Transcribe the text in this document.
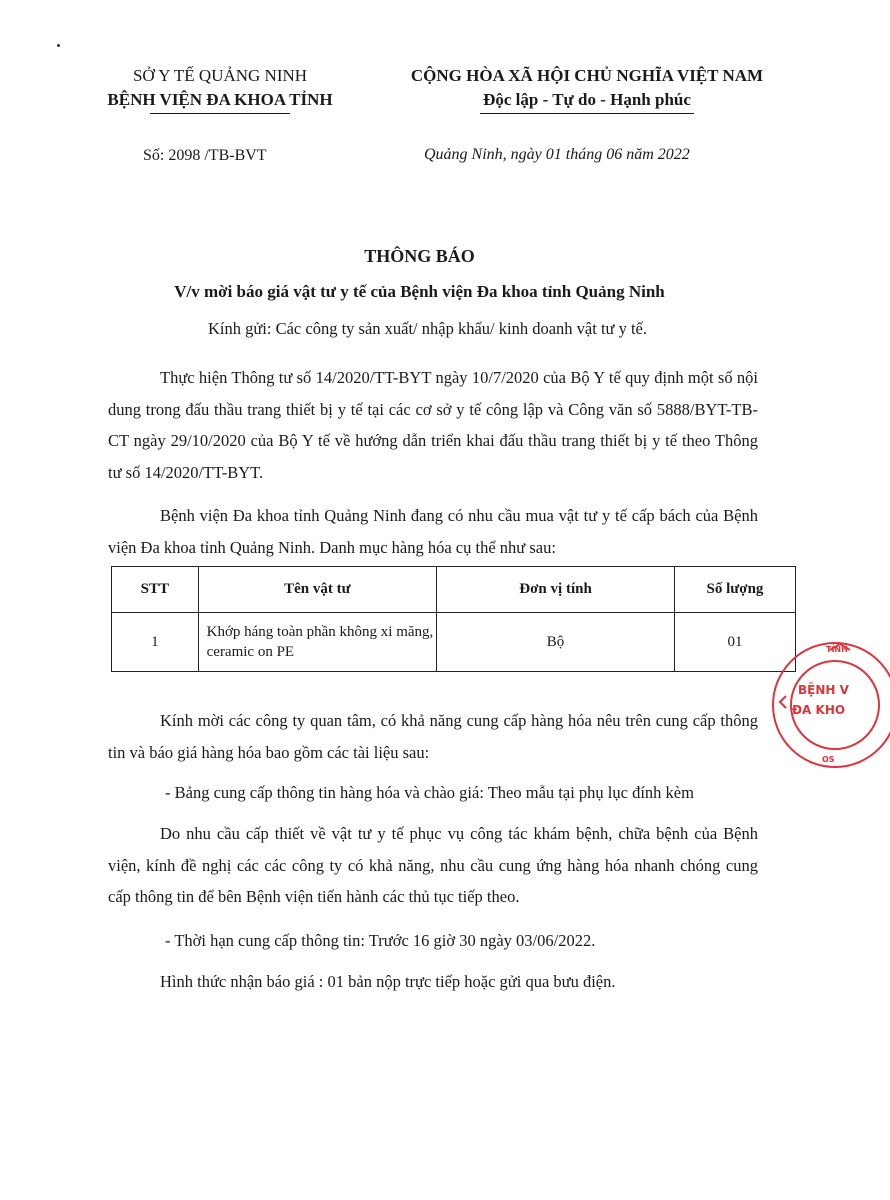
SỞ Y TẾ QUẢNG NINH
BỆNH VIỆN ĐA KHOA TỈNH
CỘNG HÒA XÃ HỘI CHỦ NGHĨA VIỆT NAM
Độc lập - Tự do - Hạnh phúc
Số: 2098 /TB-BVT	Quảng Ninh, ngày 01 tháng 06 năm 2022
THÔNG BÁO
V/v mời báo giá vật tư y tế của Bệnh viện Đa khoa tỉnh Quảng Ninh
Kính gửi: Các công ty sản xuất/ nhập khẩu/ kinh doanh vật tư y tế.
Thực hiện Thông tư số 14/2020/TT-BYT ngày 10/7/2020 của Bộ Y tế quy định một số nội dung trong đấu thầu trang thiết bị y tế tại các cơ sở y tế công lập và Công văn số 5888/BYT-TB-CT ngày 29/10/2020 của Bộ Y tế về hướng dẫn triển khai đấu thầu trang thiết bị y tế theo Thông tư số 14/2020/TT-BYT.
Bệnh viện Đa khoa tỉnh Quảng Ninh đang có nhu cầu mua vật tư y tế cấp bách của Bệnh viện Đa khoa tỉnh Quảng Ninh. Danh mục hàng hóa cụ thể như sau:
STT	Tên vật tư	Đơn vị tính	Số lượng
1	Khớp háng toàn phần không xi măng, ceramic on PE	Bộ	01
Kính mời các công ty quan tâm, có khả năng cung cấp hàng hóa nêu trên cung cấp thông tin và báo giá hàng hóa bao gồm các tài liệu sau:
- Bảng cung cấp thông tin hàng hóa và chào giá: Theo mẫu tại phụ lục đính kèm
Do nhu cầu cấp thiết về vật tư y tế phục vụ công tác khám bệnh, chữa bệnh của Bệnh viện, kính đề nghị các các công ty có khả năng, nhu cầu cung ứng hàng hóa nhanh chóng cung cấp thông tin để bên Bệnh viện tiến hành các thủ tục tiếp theo.
- Thời hạn cung cấp thông tin: Trước 16 giờ 30 ngày 03/06/2022.
Hình thức nhận báo giá : 01 bản nộp trực tiếp hoặc gửi qua bưu điện.
BỆNH V
ĐA KHO
TỈNH
OS
